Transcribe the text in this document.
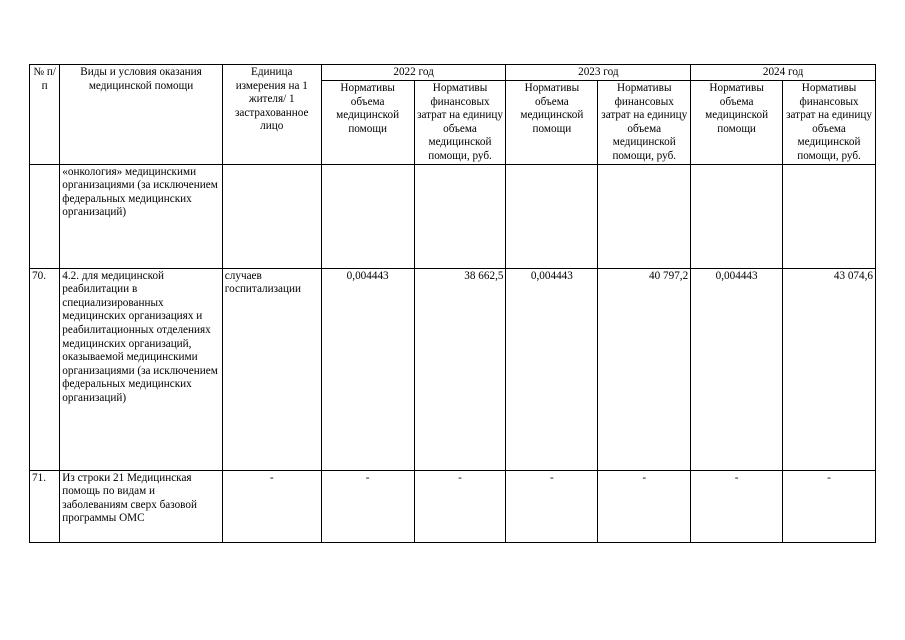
№ п/п	Виды и условия оказания медицинской помощи	Единица измерения на 1 жителя/ 1 застрахованное лицо	2022 год		2023 год		2024 год	
			Нормативы объема медицинской помощи	Нормативы финансовых затрат на единицу объема медицинской помощи, руб.	Нормативы объема медицинской помощи	Нормативы финансовых затрат на единицу объема медицинской помощи, руб.	Нормативы объема медицинской помощи	Нормативы финансовых затрат на единицу объема медицинской помощи, руб.
	«онкология» медицинскими организациями (за исключением федеральных медицинских организаций)							
70.	4.2. для медицинской реабилитации в специализированных медицинских организациях и реабилитационных отделениях медицинских организаций, оказываемой медицинскими организациями (за исключением федеральных медицинских организаций)	случаев госпитализации	0,004443	38 662,5	0,004443	40 797,2	0,004443	43 074,6
71.	Из строки 21 Медицинская помощь по видам и заболеваниям сверх базовой программы ОМС	-	-	-	-	-	-	-
